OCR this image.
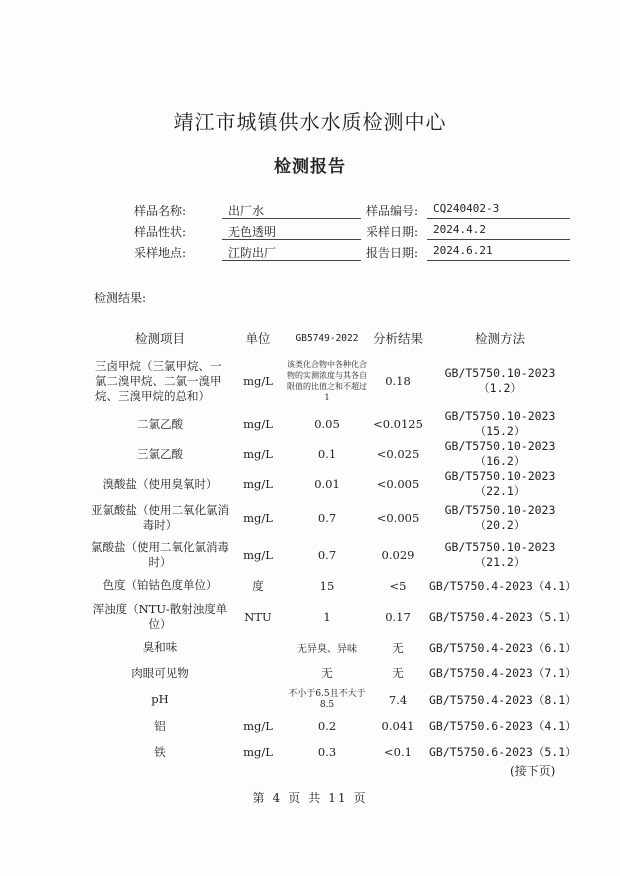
靖江市城镇供水水质检测中心
检测报告
样品名称:	出厂水	样品编号:	CQ240402-3
样品性状:	无色透明	采样日期:	2024.4.2
采样地点:	江防出厂	报告日期:	2024.6.21
检测结果:
检测项目	单位	GB5749-2022	分析结果	检测方法
三卤甲烷（三氯甲烷、一氯二溴甲烷、二氯一溴甲烷、三溴甲烷的总和）	mg/L	该类化合物中各种化合物的实测浓度与其各自限值的比值之和不超过1	0.18	GB/T5750.10-2023（1.2）
二氯乙酸	mg/L	0.05	<0.0125	GB/T5750.10-2023（15.2）
三氯乙酸	mg/L	0.1	<0.025	GB/T5750.10-2023（16.2）
溴酸盐（使用臭氧时）	mg/L	0.01	<0.005	GB/T5750.10-2023（22.1）
亚氯酸盐（使用二氧化氯消毒时）	mg/L	0.7	<0.005	GB/T5750.10-2023（20.2）
氯酸盐（使用二氧化氯消毒时）	mg/L	0.7	0.029	GB/T5750.10-2023（21.2）
色度（铂钴色度单位）	度	15	<5	GB/T5750.4-2023（4.1）
浑浊度（NTU-散射浊度单位）	NTU	1	0.17	GB/T5750.4-2023（5.1）
臭和味		无异臭、异味	无	GB/T5750.4-2023（6.1）
肉眼可见物		无	无	GB/T5750.4-2023（7.1）
pH		不小于6.5且不大于8.5	7.4	GB/T5750.4-2023（8.1）
铝	mg/L	0.2	0.041	GB/T5750.6-2023（4.1）
铁	mg/L	0.3	<0.1	GB/T5750.6-2023（5.1）
(接下页)
第 4 页 共 11 页
